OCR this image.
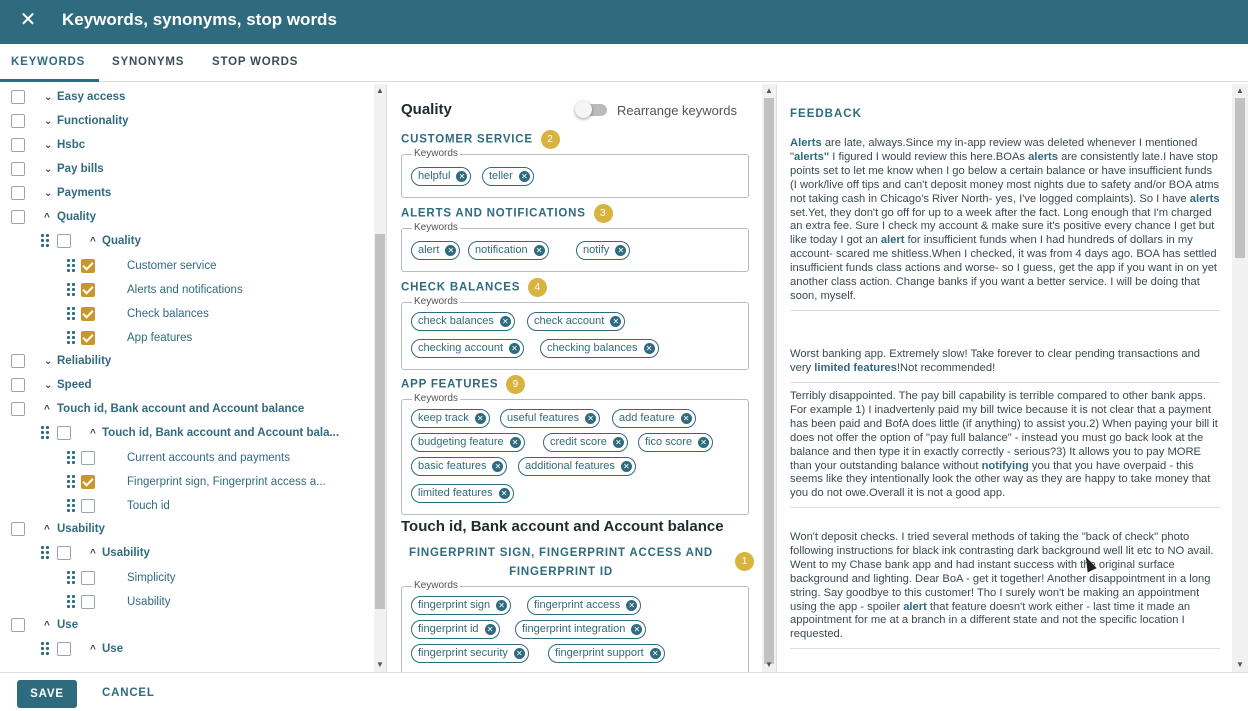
✕ Keywords, synonyms, stop words
KEYWORDS SYNONYMS STOP WORDS
⌄ Easy access
⌄ Functionality
⌄ Hsbc
⌄ Pay bills
⌄ Payments
^ Quality
^ Quality
Customer service
Alerts and notifications
Check balances
App features
⌄ Reliability
⌄ Speed
^ Touch id, Bank account and Account balance
^ Touch id, Bank account and Account bala...
Current accounts and payments
Fingerprint sign, Fingerprint access a...
Touch id
^ Usability
^ Usability
Simplicity
Usability
^ Use
^ Use
▲
▼
Quality	Rearrange keywords
CUSTOMER SERVICE 2
Keywords
helpful ✕	teller ✕
ALERTS AND NOTIFICATIONS 3
Keywords
alert ✕	notification ✕	notify ✕
CHECK BALANCES 4
Keywords
check balances ✕	check account ✕
checking account ✕	checking balances ✕
APP FEATURES 9
Keywords
keep track ✕	useful features ✕	add feature ✕
budgeting feature ✕	credit score ✕	fico score ✕
basic features ✕	additional features ✕
limited features ✕
Touch id, Bank account and Account balance
FINGERPRINT SIGN, FINGERPRINT ACCESS AND FINGERPRINT ID
1
Keywords
fingerprint sign ✕	fingerprint access ✕
fingerprint id ✕	fingerprint integration ✕
fingerprint security ✕	fingerprint support ✕
▲
▼
FEEDBACK
Alerts are late, always.Since my in-app review was deleted whenever I mentioned "alerts" I figured I would review this here.BOAs alerts are consistently late.I have stop points set to let me know when I go below a certain balance or have insufficient funds (I work/live off tips and can't deposit money most nights due to safety and/or BOA atms not taking cash in Chicago's River North- yes, I've logged complaints). So I have alerts set.Yet, they don't go off for up to a week after the fact. Long enough that I'm charged an extra fee. Sure I check my account & make sure it's positive every chance I get but like today I got an alert for insufficient funds when I had hundreds of dollars in my account- scared me shitless.When I checked, it was from 4 days ago. BOA has settled insufficient funds class actions and worse- so I guess, get the app if you want in on yet another class action. Change banks if you want a better service. I will be doing that soon, myself.
Worst banking app. Extremely slow! Take forever to clear pending transactions and very limited features!Not recommended!
Terribly disappointed. The pay bill capability is terrible compared to other bank apps. For example 1) I inadvertenly paid my bill twice because it is not clear that a payment has been paid and BofA does little (if anything) to assist you.2) When paying your bill it does not offer the option of "pay full balance" - instead you must go back look at the balance and then type it in exactly correctly - serious?3) It allows you to pay MORE than your outstanding balance without notifying you that you have overpaid - this seems like they intentionally look the other way as they are happy to take money that you do not owe.Overall it is not a good app.
Won't deposit checks. I tried several methods of taking the "back of check" photo following instructions for black ink contrasting dark background well lit etc to NO avail. Went to my Chase bank app and had instant success with the original surface background and lighting. Dear BoA - get it together! Another disappointment in a long string. Say goodbye to this customer! Tho I surely won't be making an appointment using the app - spoiler alert that feature doesn't work either - last time it made an appointment for me at a branch in a different state and not the specific location I requested.
▲
▼
SAVE	CANCEL
